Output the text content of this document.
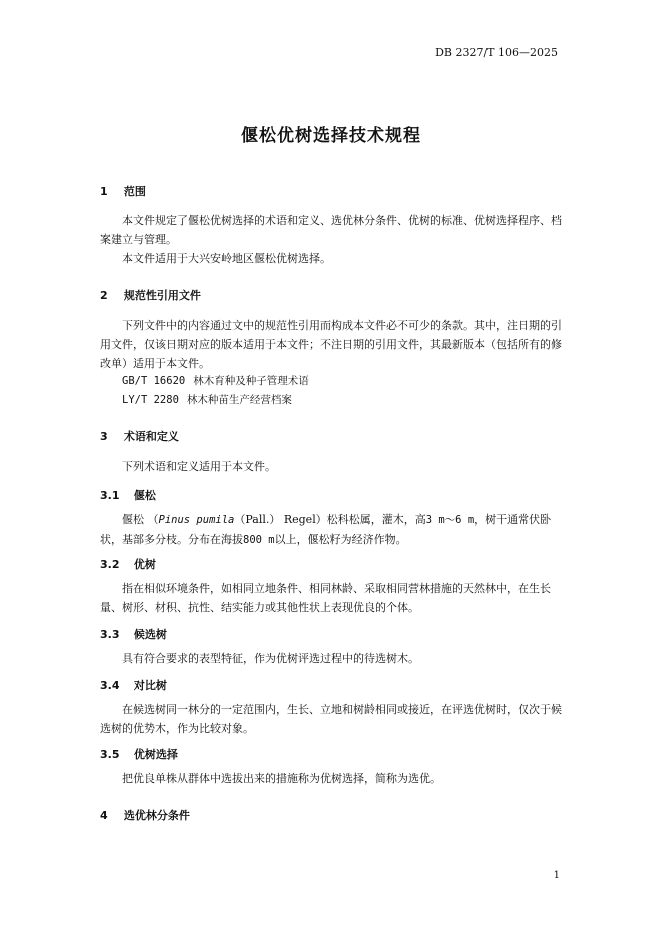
DB 2327/T 106—2025
偃松优树选择技术规程
1 范围
本文件规定了偃松优树选择的术语和定义、选优林分条件、优树的标准、优树选择程序、档案建立与管理。
本文件适用于大兴安岭地区偃松优树选择。
2 规范性引用文件
下列文件中的内容通过文中的规范性引用而构成本文件必不可少的条款。其中，注日期的引用文件，仅该日期对应的版本适用于本文件；不注日期的引用文件，其最新版本（包括所有的修改单）适用于本文件。
GB/T 16620 林木育种及种子管理术语
LY/T 2280 林木种苗生产经营档案
3 术语和定义
下列术语和定义适用于本文件。
3.1 偃松
偃松 （Pinus pumila（Pall.） Regel）松科松属，灌木，高3 m～6 m，树干通常伏卧状，基部多分枝。分布在海拔800 m以上，偃松籽为经济作物。
3.2 优树
指在相似环境条件，如相同立地条件、相同林龄、采取相同营林措施的天然林中，在生长量、树形、材积、抗性、结实能力或其他性状上表现优良的个体。
3.3 候选树
具有符合要求的表型特征，作为优树评选过程中的待选树木。
3.4 对比树
在候选树同一林分的一定范围内，生长、立地和树龄相同或接近，在评选优树时，仅次于候选树的优势木，作为比较对象。
3.5 优树选择
把优良单株从群体中选拔出来的措施称为优树选择，简称为选优。
4 选优林分条件
1
